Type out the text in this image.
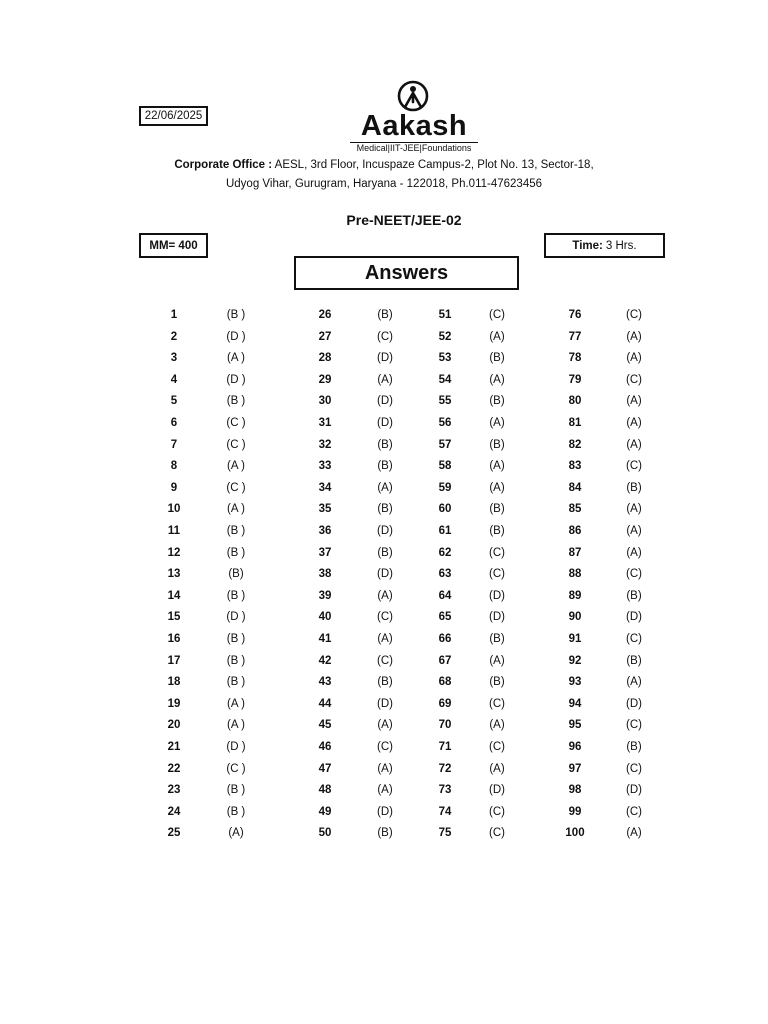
22/06/2025	Aakash
Medical|IIT-JEE|Foundations
Corporate Office : AESL, 3rd Floor, Incuspaze Campus-2, Plot No. 13, Sector-18,
Udyog Vihar, Gurugram, Haryana - 122018, Ph.011-47623456
Pre-NEET/JEE-02
MM= 400	Time: 3 Hrs.
Answers
1	(B )
2	(D )
3	(A )
4	(D )
5	(B )
6	(C )
7	(C )
8	(A )
9	(C )
10	(A )
11	(B )
12	(B )
13	(B)
14	(B )
15	(D )
16	(B )
17	(B )
18	(B )
19	(A )
20	(A )
21	(D )
22	(C )
23	(B )
24	(B )
25	(A)
26	(B)
27	(C)
28	(D)
29	(A)
30	(D)
31	(D)
32	(B)
33	(B)
34	(A)
35	(B)
36	(D)
37	(B)
38	(D)
39	(A)
40	(C)
41	(A)
42	(C)
43	(B)
44	(D)
45	(A)
46	(C)
47	(A)
48	(A)
49	(D)
50	(B)
51	(C)
52	(A)
53	(B)
54	(A)
55	(B)
56	(A)
57	(B)
58	(A)
59	(A)
60	(B)
61	(B)
62	(C)
63	(C)
64	(D)
65	(D)
66	(B)
67	(A)
68	(B)
69	(C)
70	(A)
71	(C)
72	(A)
73	(D)
74	(C)
75	(C)
76	(C)
77	(A)
78	(A)
79	(C)
80	(A)
81	(A)
82	(A)
83	(C)
84	(B)
85	(A)
86	(A)
87	(A)
88	(C)
89	(B)
90	(D)
91	(C)
92	(B)
93	(A)
94	(D)
95	(C)
96	(B)
97	(C)
98	(D)
99	(C)
100	(A)
